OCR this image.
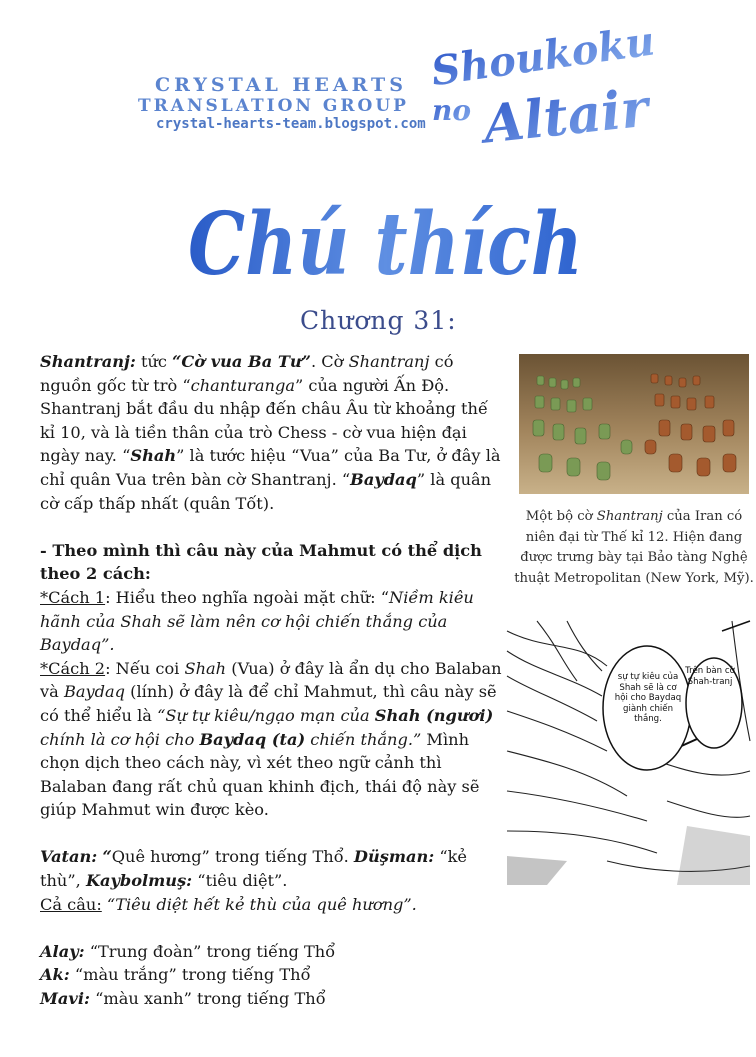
CRYSTAL HEARTS
TRANSLATION GROUP
crystal-hearts-team.blogspot.com
Shoukoku
no Altair
Chú thích
Chương 31:

Shantranj: tức “Cờ vua Ba Tư”. Cờ Shantranj có nguồn gốc từ trò “chanturanga” của người Ấn Độ. Shantranj bắt đầu du nhập đến châu Âu từ khoảng thế kỉ 10, và là tiền thân của trò Chess - cờ vua hiện đại ngày nay. “Shah” là tước hiệu “Vua” của Ba Tư, ở đây là chỉ quân Vua trên bàn cờ Shantranj. “Baydaq” là quân cờ cấp thấp nhất (quân Tốt).

- Theo mình thì câu này của Mahmut có thể dịch theo 2 cách:

*Cách 1: Hiểu theo nghĩa ngoài mặt chữ: “Niềm kiêu hãnh của Shah sẽ làm nên cơ hội chiến thắng của Baydaq”.

*Cách 2: Nếu coi Shah (Vua) ở đây là ẩn dụ cho Balaban và Baydaq (lính) ở đây là để chỉ Mahmut, thì câu này sẽ có thể hiểu là “Sự tự kiêu/ngạo mạn của Shah (ngươi) chính là cơ hội cho Baydaq (ta) chiến thắng.” Mình chọn dịch theo cách này, vì xét theo ngữ cảnh thì Balaban đang rất chủ quan khinh địch, thái độ này sẽ giúp Mahmut win được kèo.

Vatan: “Quê hương” trong tiếng Thổ. Düşman: “kẻ thù”, Kaybolmuş: “tiêu diệt”.

Cả câu: “Tiêu diệt hết kẻ thù của quê hương”.

Alay: “Trung đoàn” trong tiếng Thổ

Ak: “màu trắng” trong tiếng Thổ

Mavi: “màu xanh” trong tiếng Thổ

Một bộ cờ Shantranj của Iran có niên đại từ Thế kỉ 12. Hiện đang được trưng bày tại Bảo tàng Nghệ thuật Metropolitan (New York, Mỹ).
sự tự kiêu của Shah sẽ là cơ hội cho Baydaq giành chiến thắng.
Trên bàn cờ Shah-tranj
